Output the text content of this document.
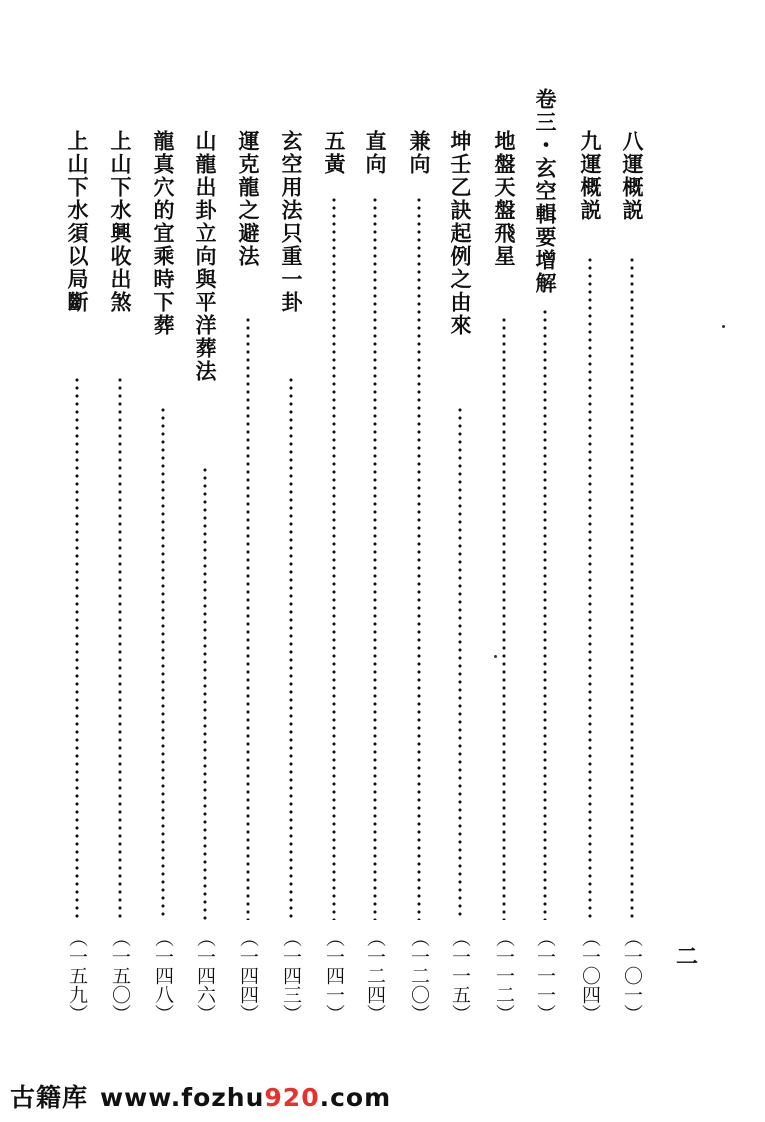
八運概説
（一〇一）
九運概説
（一〇四）
卷三・玄空輯要增解
（一一一）
地盤天盤飛星
（一一二）
坤壬乙訣起例之由來
（一一五）
兼向
（一二〇）
直向
（一二四）
五黃
（一四一）
玄空用法只重一卦
（一四三）
運克龍之避法
（一四四）
山龍出卦立向與平洋葬法
（一四六）
龍真穴的宜乘時下葬
（一四八）
上山下水興收出煞
（一五〇）
上山下水須以局斷
（一五九）	二
古籍库 www.fozhu920.com
